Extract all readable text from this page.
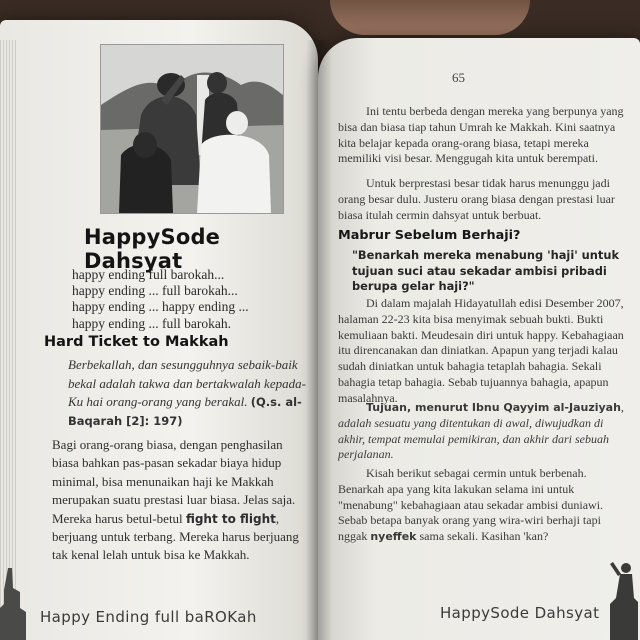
HappySode Dahsyat
happy ending full barokah...
happy ending ... full barokah...
happy ending ... happy ending ...
happy ending ... full barokah.
Hard Ticket to Makkah
Berbekallah, dan sesungguhnya sebaik-baik bekal adalah takwa dan bertakwalah kepada-Ku hai orang-orang yang berakal. (Q.s. al-Baqarah [2]: 197)
Bagi orang-orang biasa, dengan penghasilan biasa bahkan pas-pasan sekadar biaya hidup minimal, bisa menunaikan haji ke Makkah merupakan suatu prestasi luar biasa. Jelas saja. Mereka harus betul-betul fight to flight, berjuang untuk terbang. Mereka harus berjuang tak kenal lelah untuk bisa ke Makkah.
Happy Ending full baROKah
65
Ini tentu berbeda dengan mereka yang berpunya yang bisa dan biasa tiap tahun Umrah ke Makkah. Kini saatnya kita belajar kepada orang-orang biasa, tetapi mereka memiliki visi besar. Menggugah kita untuk berempati.
Untuk berprestasi besar tidak harus menunggu jadi orang besar dulu. Justeru orang biasa dengan prestasi luar biasa itulah cermin dahsyat untuk berbuat.
Mabrur Sebelum Berhaji?
"Benarkah mereka menabung 'haji' untuk tujuan suci atau sekadar ambisi pribadi berupa gelar haji?"
Di dalam majalah Hidayatullah edisi Desember 2007, halaman 22-23 kita bisa menyimak sebuah bukti. Bukti kemuliaan bakti. Meudesain diri untuk happy. Kebahagiaan itu direncanakan dan diniatkan. Apapun yang terjadi kalau sudah diniatkan untuk bahagia tetaplah bahagia. Sekali bahagia tetap bahagia. Sebab tujuannya bahagia, apapun masalahnya.
Tujuan, menurut Ibnu Qayyim al-Jauziyah, adalah sesuatu yang ditentukan di awal, diwujudkan di akhir, tempat memulai pemikiran, dan akhir dari sebuah perjalanan.
Kisah berikut sebagai cermin untuk berbenah. Benarkah apa yang kita lakukan selama ini untuk "menabung" kebahagiaan atau sekadar ambisi duniawi. Sebab betapa banyak orang yang wira-wiri berhaji tapi nggak nyeffek sama sekali. Kasihan 'kan?
HappySode Dahsyat
